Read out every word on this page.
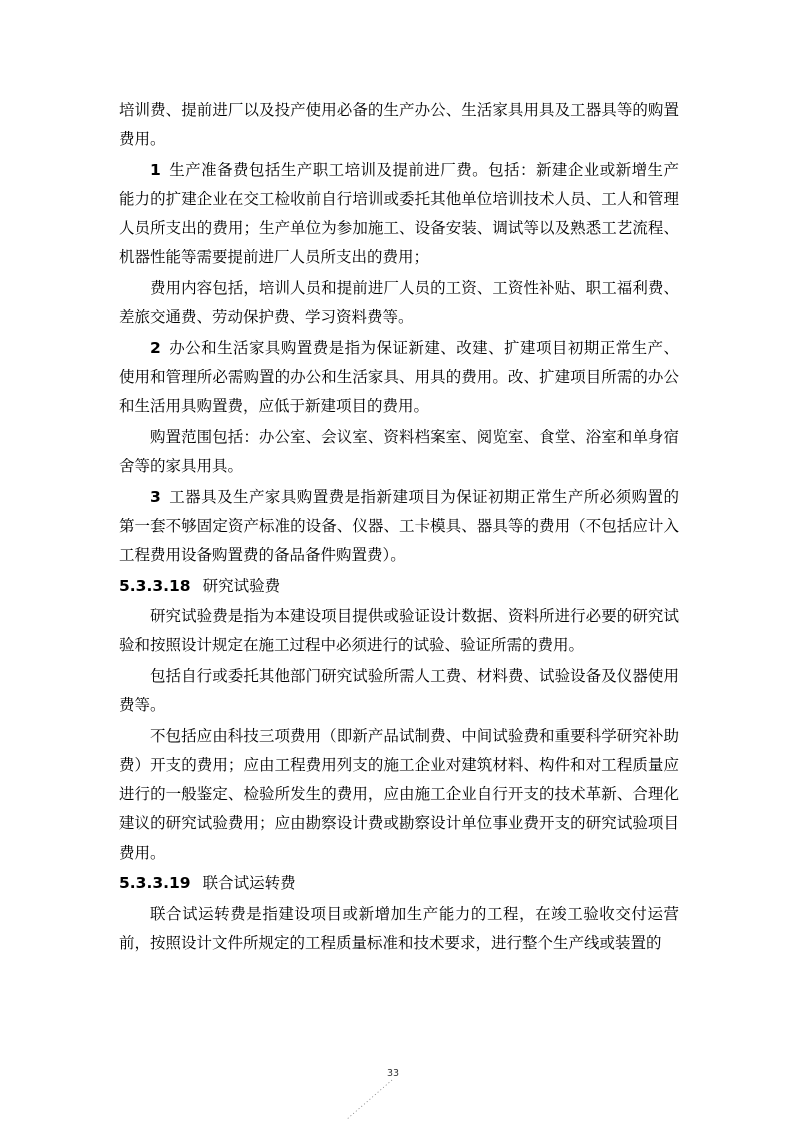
培训费、提前进厂以及投产使用必备的生产办公、生活家具用具及工器具等的购置费用。

1 生产准备费包括生产职工培训及提前进厂费。包括：新建企业或新增生产能力的扩建企业在交工检收前自行培训或委托其他单位培训技术人员、工人和管理人员所支出的费用；生产单位为参加施工、设备安装、调试等以及熟悉工艺流程、机器性能等需要提前进厂人员所支出的费用；

费用内容包括，培训人员和提前进厂人员的工资、工资性补贴、职工福利费、差旅交通费、劳动保护费、学习资料费等。

2 办公和生活家具购置费是指为保证新建、改建、扩建项目初期正常生产、使用和管理所必需购置的办公和生活家具、用具的费用。改、扩建项目所需的办公和生活用具购置费，应低于新建项目的费用。

购置范围包括：办公室、会议室、资料档案室、阅览室、食堂、浴室和单身宿舍等的家具用具。

3 工器具及生产家具购置费是指新建项目为保证初期正常生产所必须购置的第一套不够固定资产标准的设备、仪器、工卡模具、器具等的费用（不包括应计入工程费用设备购置费的备品备件购置费）。

5.3.3.18 研究试验费

研究试验费是指为本建设项目提供或验证设计数据、资料所进行必要的研究试验和按照设计规定在施工过程中必须进行的试验、验证所需的费用。

包括自行或委托其他部门研究试验所需人工费、材料费、试验设备及仪器使用费等。

不包括应由科技三项费用（即新产品试制费、中间试验费和重要科学研究补助费）开支的费用；应由工程费用列支的施工企业对建筑材料、构件和对工程质量应进行的一般鉴定、检验所发生的费用，应由施工企业自行开支的技术革新、合理化建议的研究试验费用；应由勘察设计费或勘察设计单位事业费开支的研究试验项目费用。

5.3.3.19 联合试运转费

联合试运转费是指建设项目或新增加生产能力的工程，在竣工验收交付运营前，按照设计文件所规定的工程质量标准和技术要求，进行整个生产线或装置的

33
